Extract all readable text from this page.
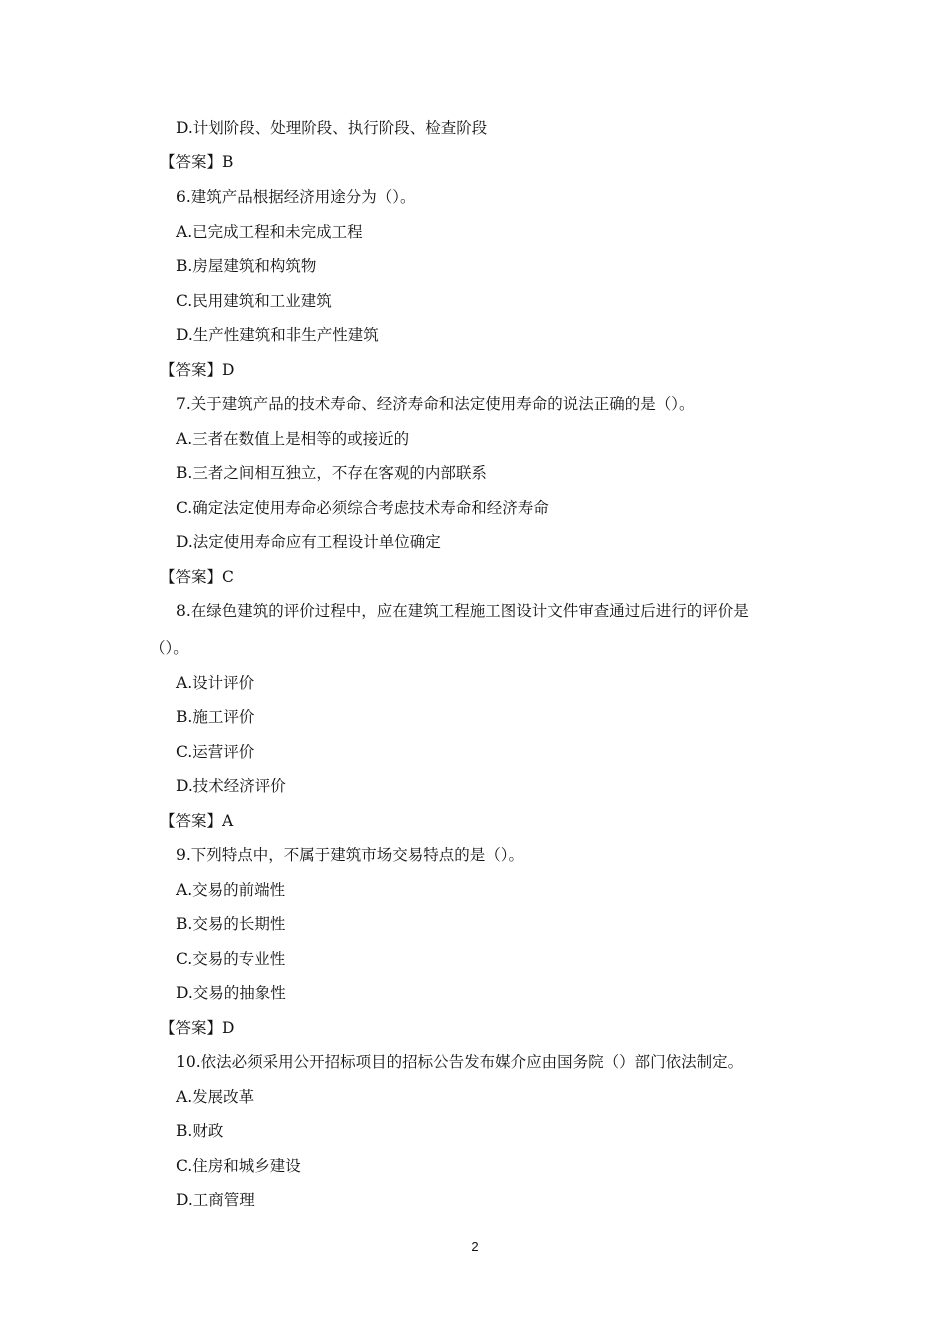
D.计划阶段、处理阶段、执行阶段、检查阶段
【答案】B
6.建筑产品根据经济用途分为（）。
A.已完成工程和未完成工程
B.房屋建筑和构筑物
C.民用建筑和工业建筑
D.生产性建筑和非生产性建筑
【答案】D
7.关于建筑产品的技术寿命、经济寿命和法定使用寿命的说法正确的是（）。
A.三者在数值上是相等的或接近的
B.三者之间相互独立，不存在客观的内部联系
C.确定法定使用寿命必须综合考虑技术寿命和经济寿命
D.法定使用寿命应有工程设计单位确定
【答案】C
8.在绿色建筑的评价过程中，应在建筑工程施工图设计文件审查通过后进行的评价是
（）。
A.设计评价
B.施工评价
C.运营评价
D.技术经济评价
【答案】A
9.下列特点中，不属于建筑市场交易特点的是（）。
A.交易的前端性
B.交易的长期性
C.交易的专业性
D.交易的抽象性
【答案】D
10.依法必须采用公开招标项目的招标公告发布媒介应由国务院（）部门依法制定。
A.发展改革
B.财政
C.住房和城乡建设
D.工商管理
2
